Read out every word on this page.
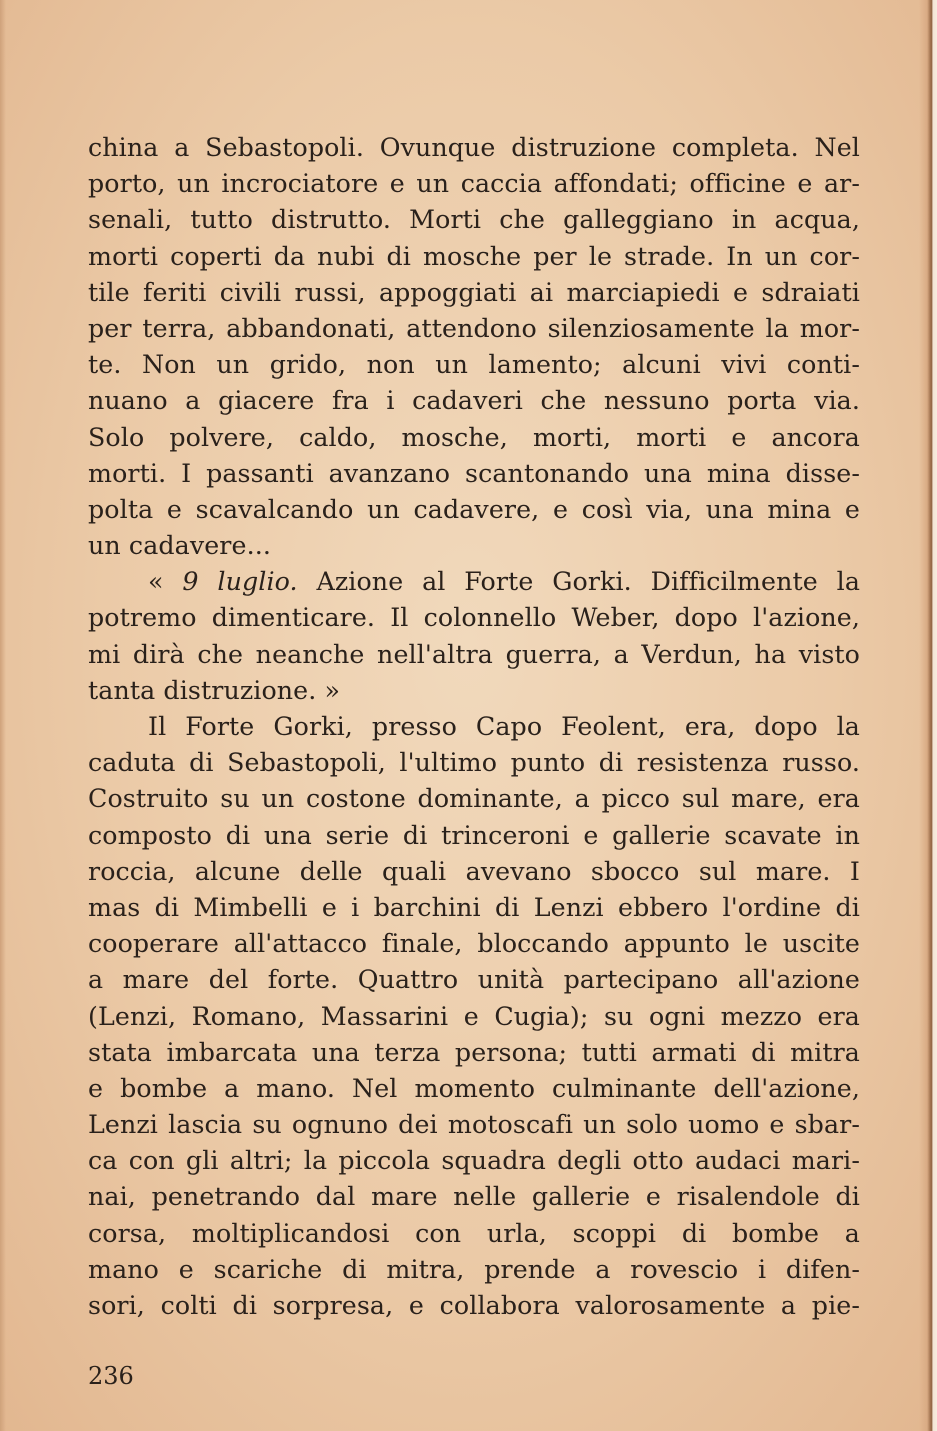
china a Sebastopoli. Ovunque distruzione completa. Nel
porto, un incrociatore e un caccia affondati; officine e ar-
senali, tutto distrutto. Morti che galleggiano in acqua,
morti coperti da nubi di mosche per le strade. In un cor-
tile feriti civili russi, appoggiati ai marciapiedi e sdraiati
per terra, abbandonati, attendono silenziosamente la mor-
te. Non un grido, non un lamento; alcuni vivi conti-
nuano a giacere fra i cadaveri che nessuno porta via.
Solo polvere, caldo, mosche, morti, morti e ancora
morti. I passanti avanzano scantonando una mina disse-
polta e scavalcando un cadavere, e così via, una mina e
un cadavere...
« 9 luglio. Azione al Forte Gorki. Difficilmente la
potremo dimenticare. Il colonnello Weber, dopo l'azione,
mi dirà che neanche nell'altra guerra, a Verdun, ha visto
tanta distruzione. »
Il Forte Gorki, presso Capo Feolent, era, dopo la
caduta di Sebastopoli, l'ultimo punto di resistenza russo.
Costruito su un costone dominante, a picco sul mare, era
composto di una serie di trinceroni e gallerie scavate in
roccia, alcune delle quali avevano sbocco sul mare. I
mas di Mimbelli e i barchini di Lenzi ebbero l'ordine di
cooperare all'attacco finale, bloccando appunto le uscite
a mare del forte. Quattro unità partecipano all'azione
(Lenzi, Romano, Massarini e Cugia); su ogni mezzo era
stata imbarcata una terza persona; tutti armati di mitra
e bombe a mano. Nel momento culminante dell'azione,
Lenzi lascia su ognuno dei motoscafi un solo uomo e sbar-
ca con gli altri; la piccola squadra degli otto audaci mari-
nai, penetrando dal mare nelle gallerie e risalendole di
corsa, moltiplicandosi con urla, scoppi di bombe a
mano e scariche di mitra, prende a rovescio i difen-
sori, colti di sorpresa, e collabora valorosamente a pie-
236
